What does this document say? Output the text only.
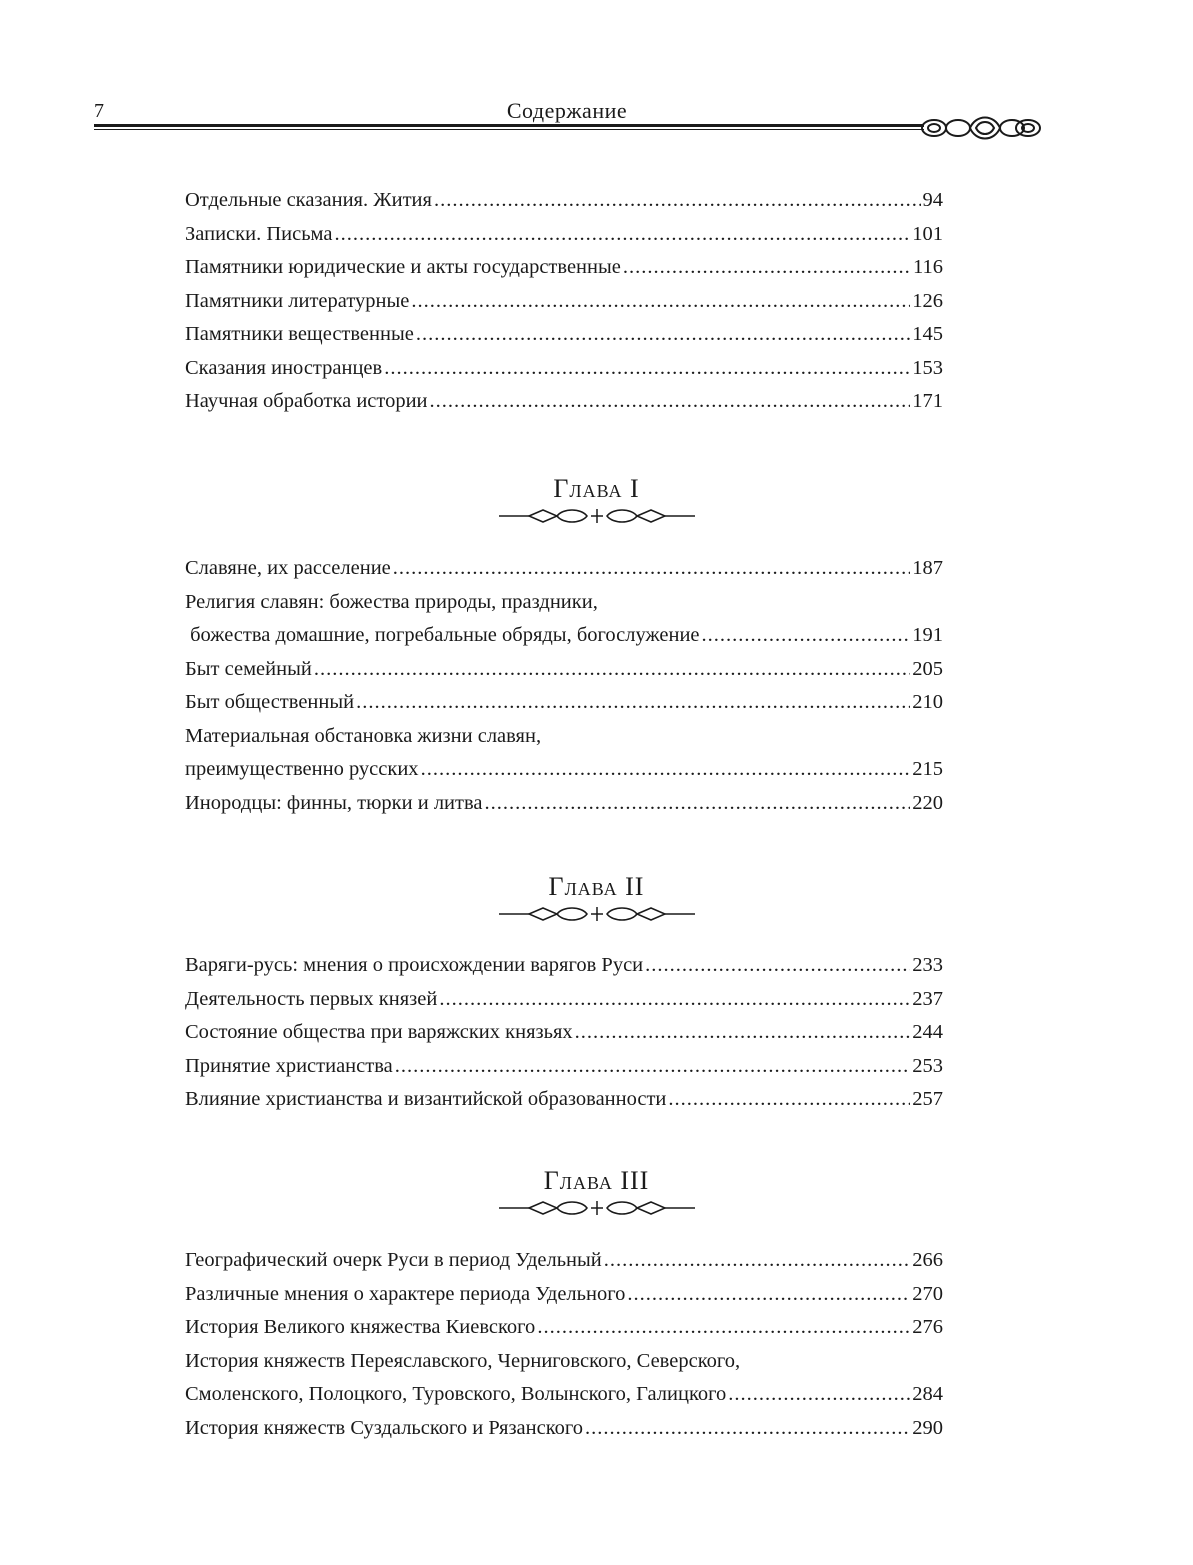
7	Содержание
Отдельные сказания. Жития .....	94
Записки. Письма .....	101
Памятники юридические и акты государственные .....	116
Памятники литературные .....	126
Памятники вещественные .....	145
Сказания иностранцев .....	153
Научная обработка истории .....	171
Глава I
Славяне, их расселение .....	187
Религия славян: божества природы, праздники,
божества домашние, погребальные обряды, богослужение .....	191
Быт семейный .....	205
Быт общественный .....	210
Материальная обстановка жизни славян,
преимущественно русских .....	215
Инородцы: финны, тюрки и литва .....	220
Глава II
Варяги-русь: мнения о происхождении варягов Руси .....	233
Деятельность первых князей .....	237
Состояние общества при варяжских князьях .....	244
Принятие христианства .....	253
Влияние христианства и византийской образованности .....	257
Глава III
Географический очерк Руси в период Удельный .....	266
Различные мнения о характере периода Удельного .....	270
История Великого княжества Киевского .....	276
История княжеств Переяславского, Черниговского, Северского,
Смоленского, Полоцкого, Туровского, Волынского, Галицкого .....	284
История княжеств Суздальского и Рязанского .....	290
